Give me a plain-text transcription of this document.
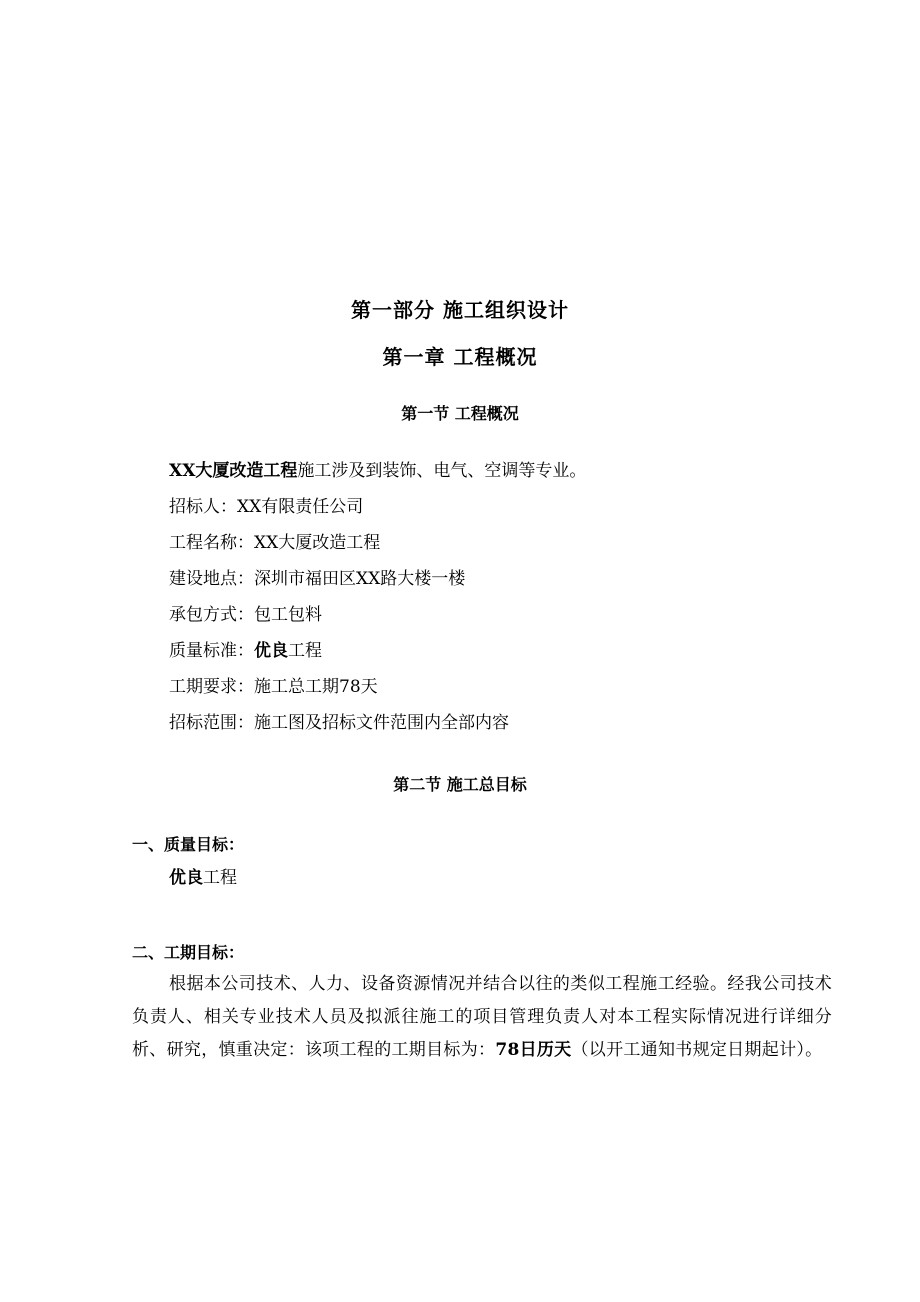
第一部分 施工组织设计
第一章 工程概况
第一节 工程概况
XX大厦改造工程施工涉及到装饰、电气、空调等专业。
招标人：XX有限责任公司
工程名称：XX大厦改造工程
建设地点：深圳市福田区XX路大楼一楼
承包方式：包工包料
质量标准：优良工程
工期要求：施工总工期78天
招标范围：施工图及招标文件范围内全部内容
第二节 施工总目标
一、质量目标：
优良工程
二、工期目标：
根据本公司技术、人力、设备资源情况并结合以往的类似工程施工经验。经我公司技术负责人、相关专业技术人员及拟派往施工的项目管理负责人对本工程实际情况进行详细分析、研究，慎重决定：该项工程的工期目标为：78日历天（以开工通知书规定日期起计）。
